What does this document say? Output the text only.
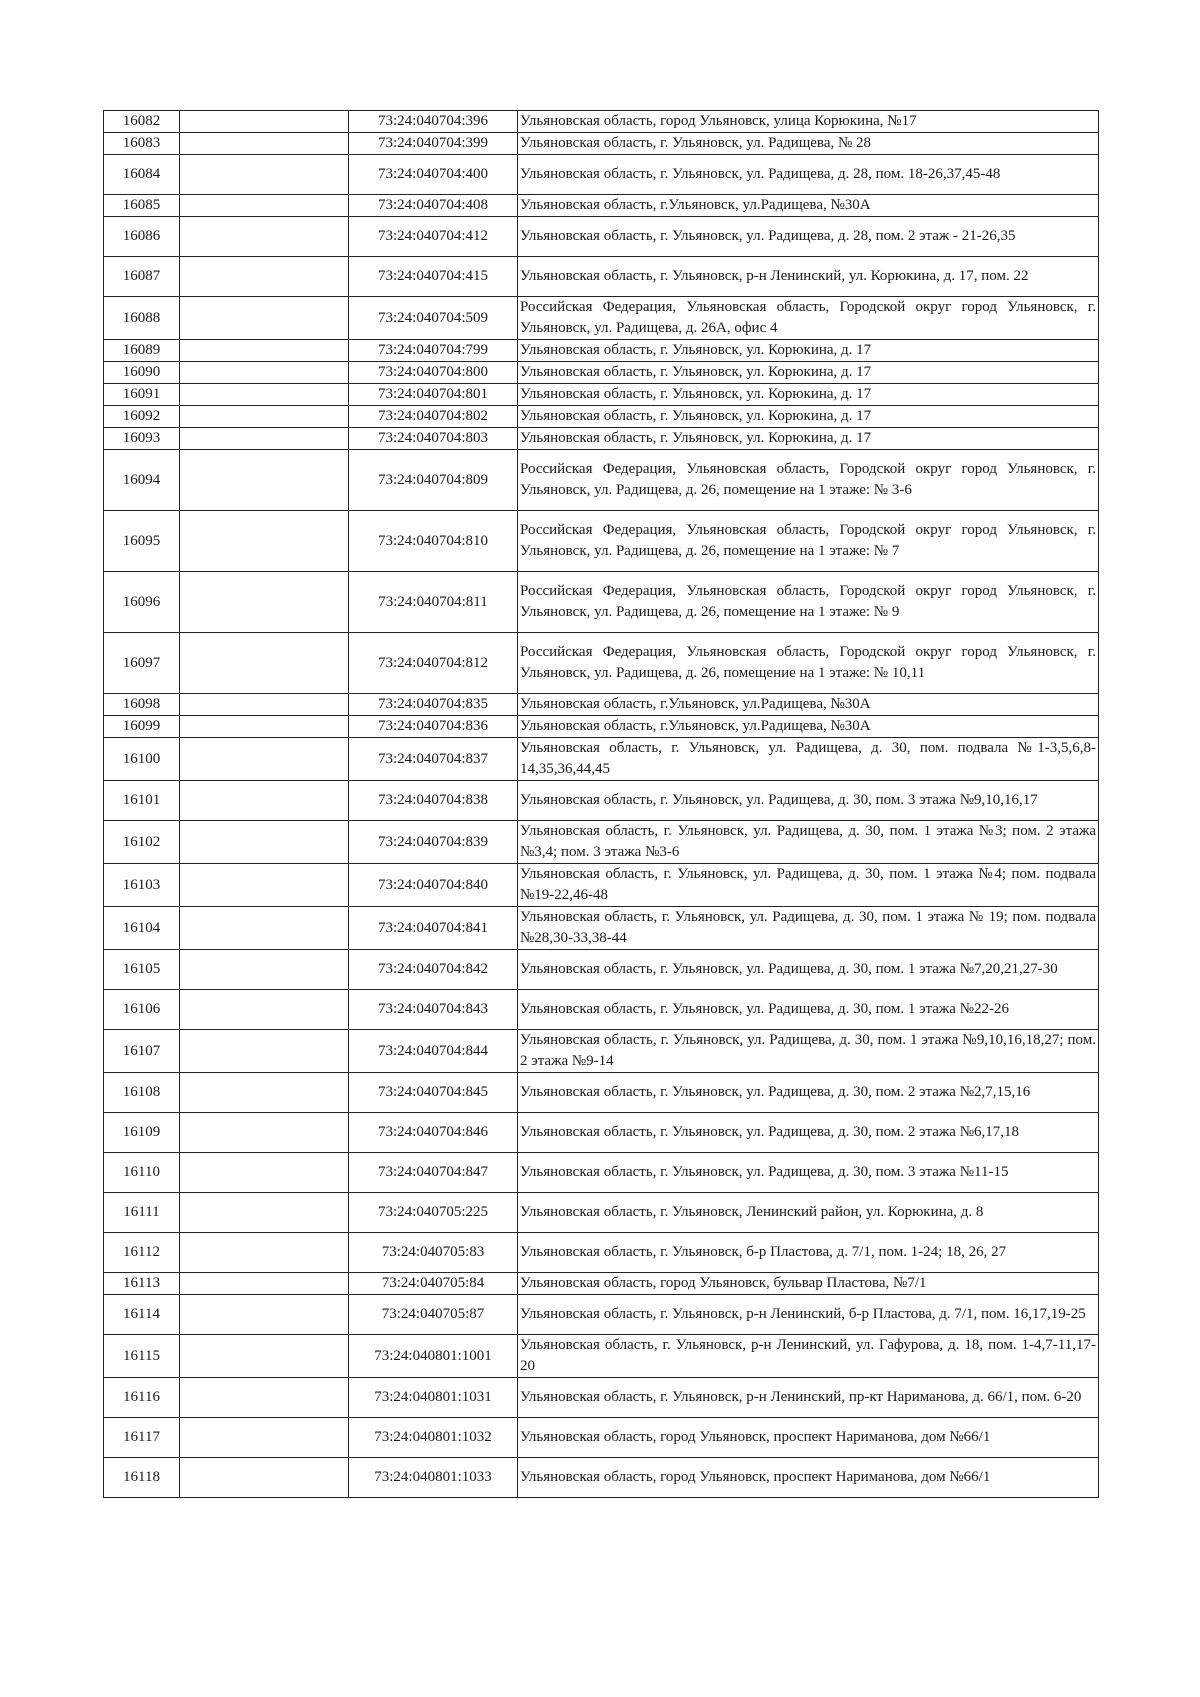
16082		73:24:040704:396	Ульяновская область, город Ульяновск, улица Корюкина, №17
16083		73:24:040704:399	Ульяновская область, г. Ульяновск, ул. Радищева, № 28
16084		73:24:040704:400	Ульяновская область, г. Ульяновск, ул. Радищева, д. 28, пом. 18-26,37,45-48
16085		73:24:040704:408	Ульяновская область, г.Ульяновск, ул.Радищева, №30А
16086		73:24:040704:412	Ульяновская область, г. Ульяновск, ул. Радищева, д. 28, пом. 2 этаж - 21-26,35
16087		73:24:040704:415	Ульяновская область, г. Ульяновск, р-н Ленинский, ул. Корюкина, д. 17, пом. 22
16088		73:24:040704:509	Российская Федерация, Ульяновская область, Городской округ город Ульяновск, г. Ульяновск, ул. Радищева, д. 26А, офис 4
16089		73:24:040704:799	Ульяновская область, г. Ульяновск, ул. Корюкина, д. 17
16090		73:24:040704:800	Ульяновская область, г. Ульяновск, ул. Корюкина, д. 17
16091		73:24:040704:801	Ульяновская область, г. Ульяновск, ул. Корюкина, д. 17
16092		73:24:040704:802	Ульяновская область, г. Ульяновск, ул. Корюкина, д. 17
16093		73:24:040704:803	Ульяновская область, г. Ульяновск, ул. Корюкина, д. 17
16094		73:24:040704:809	Российская Федерация, Ульяновская область, Городской округ город Ульяновск, г. Ульяновск, ул. Радищева, д. 26, помещение на 1 этаже: № 3-6
16095		73:24:040704:810	Российская Федерация, Ульяновская область, Городской округ город Ульяновск, г. Ульяновск, ул. Радищева, д. 26, помещение на 1 этаже: № 7
16096		73:24:040704:811	Российская Федерация, Ульяновская область, Городской округ город Ульяновск, г. Ульяновск, ул. Радищева, д. 26, помещение на 1 этаже: № 9
16097		73:24:040704:812	Российская Федерация, Ульяновская область, Городской округ город Ульяновск, г. Ульяновск, ул. Радищева, д. 26, помещение на 1 этаже: № 10,11
16098		73:24:040704:835	Ульяновская область, г.Ульяновск, ул.Радищева, №30А
16099		73:24:040704:836	Ульяновская область, г.Ульяновск, ул.Радищева, №30А
16100		73:24:040704:837	Ульяновская область, г. Ульяновск, ул. Радищева, д. 30, пом. подвала №1-3,5,6,8-14,35,36,44,45
16101		73:24:040704:838	Ульяновская область, г. Ульяновск, ул. Радищева, д. 30, пом. 3 этажа №9,10,16,17
16102		73:24:040704:839	Ульяновская область, г. Ульяновск, ул. Радищева, д. 30, пом. 1 этажа №3; пом. 2 этажа №3,4; пом. 3 этажа №3-6
16103		73:24:040704:840	Ульяновская область, г. Ульяновск, ул. Радищева, д. 30, пом. 1 этажа №4; пом. подвала №19-22,46-48
16104		73:24:040704:841	Ульяновская область, г. Ульяновск, ул. Радищева, д. 30, пом. 1 этажа № 19; пом. подвала №28,30-33,38-44
16105		73:24:040704:842	Ульяновская область, г. Ульяновск, ул. Радищева, д. 30, пом. 1 этажа №7,20,21,27-30
16106		73:24:040704:843	Ульяновская область, г. Ульяновск, ул. Радищева, д. 30, пом. 1 этажа №22-26
16107		73:24:040704:844	Ульяновская область, г. Ульяновск, ул. Радищева, д. 30, пом. 1 этажа №9,10,16,18,27; пом. 2 этажа №9-14
16108		73:24:040704:845	Ульяновская область, г. Ульяновск, ул. Радищева, д. 30, пом. 2 этажа №2,7,15,16
16109		73:24:040704:846	Ульяновская область, г. Ульяновск, ул. Радищева, д. 30, пом. 2 этажа №6,17,18
16110		73:24:040704:847	Ульяновская область, г. Ульяновск, ул. Радищева, д. 30, пом. 3 этажа №11-15
16111		73:24:040705:225	Ульяновская область, г. Ульяновск, Ленинский район, ул. Корюкина, д. 8
16112		73:24:040705:83	Ульяновская область, г. Ульяновск, б-р Пластова, д. 7/1, пом. 1-24; 18, 26, 27
16113		73:24:040705:84	Ульяновская область, город Ульяновск, бульвар Пластова, №7/1
16114		73:24:040705:87	Ульяновская область, г. Ульяновск, р-н Ленинский, б-р Пластова, д. 7/1, пом. 16,17,19-25
16115		73:24:040801:1001	Ульяновская область, г. Ульяновск, р-н Ленинский, ул. Гафурова, д. 18, пом. 1-4,7-11,17-20
16116		73:24:040801:1031	Ульяновская область, г. Ульяновск, р-н Ленинский, пр-кт Нариманова, д. 66/1, пом. 6-20
16117		73:24:040801:1032	Ульяновская область, город Ульяновск, проспект Нариманова, дом №66/1
16118		73:24:040801:1033	Ульяновская область, город Ульяновск, проспект Нариманова, дом №66/1
